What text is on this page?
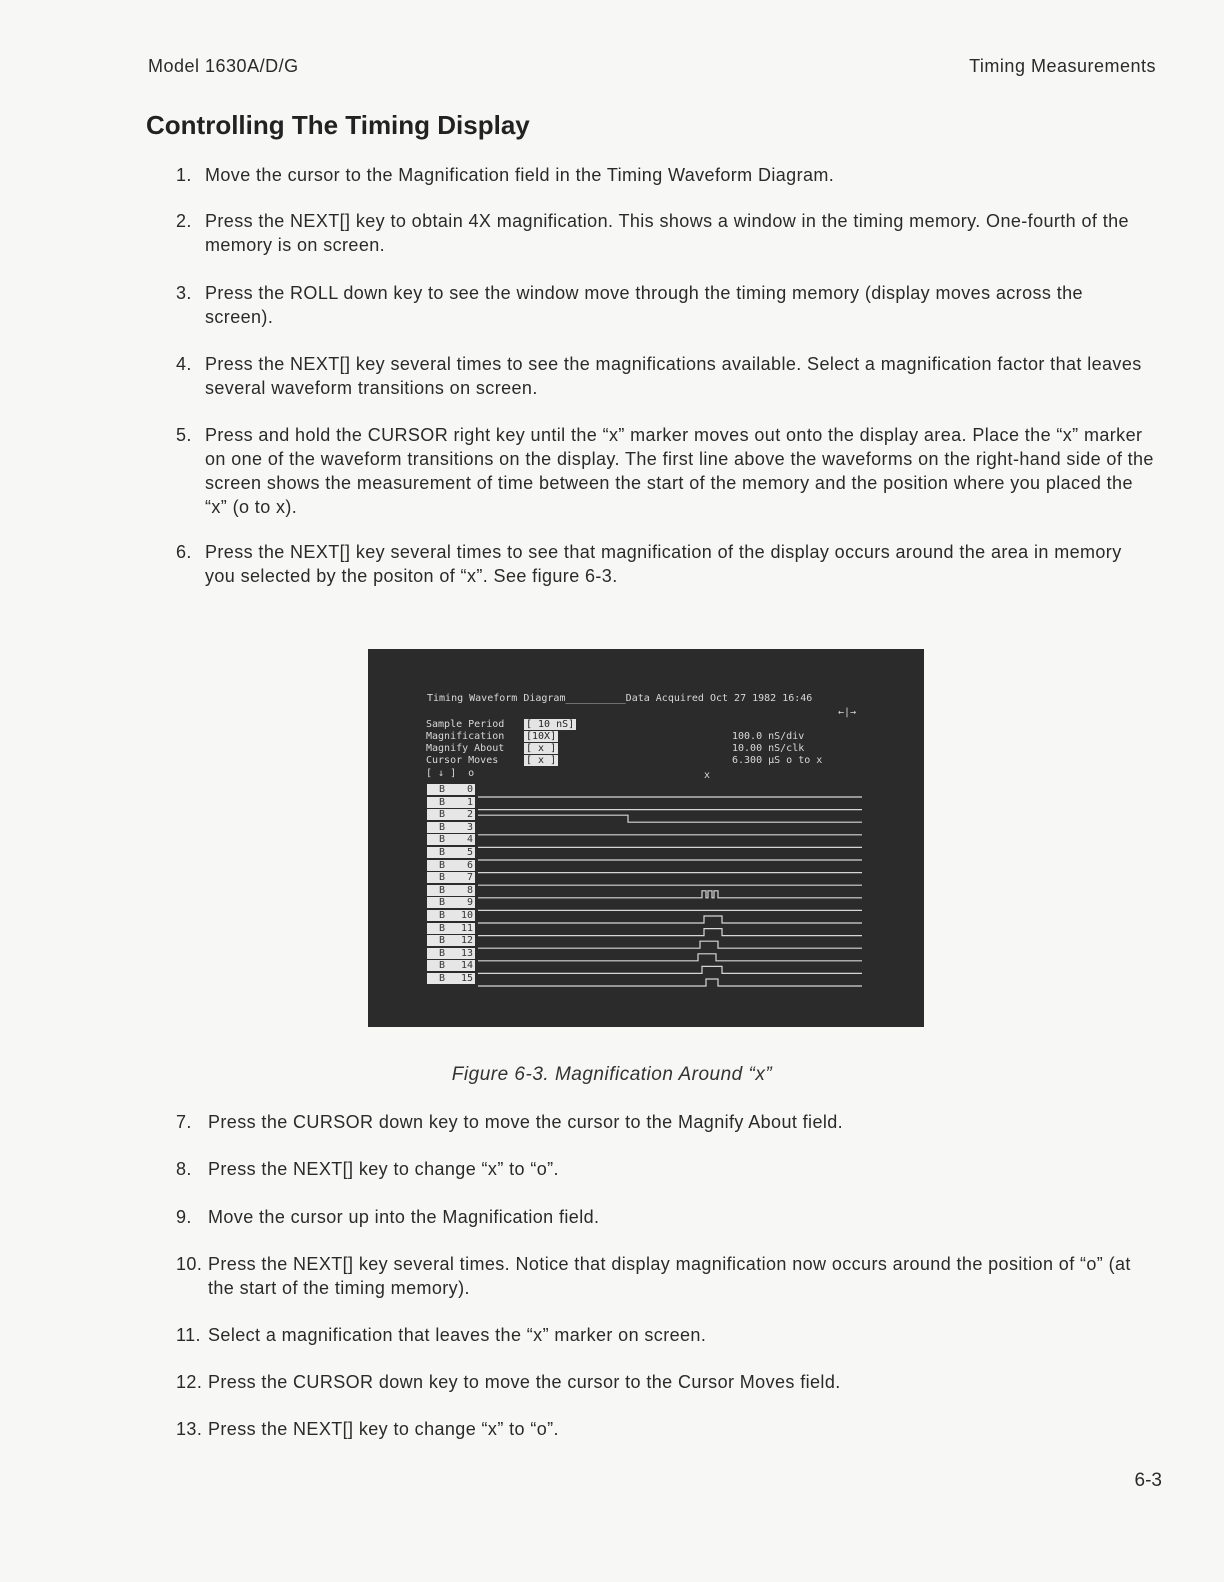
Model 1630A/D/G	Timing Measurements
Controlling The Timing Display
1. Move the cursor to the Magnification field in the Timing Waveform Diagram.
2. Press the NEXT[] key to obtain 4X magnification. This shows a window in the timing memory. One-fourth of the memory is on screen.
3. Press the ROLL down key to see the window move through the timing memory (display moves across the screen).
4. Press the NEXT[] key several times to see the magnifications available. Select a magnification factor that leaves several waveform transitions on screen.
5. Press and hold the CURSOR right key until the “x” marker moves out onto the display area. Place the “x” marker on one of the waveform transitions on the display. The first line above the waveforms on the right-hand side of the screen shows the measurement of time between the start of the memory and the position where you placed the “x” (o to x).
6. Press the NEXT[] key several times to see that magnification of the display occurs around the area in memory you selected by the positon of “x”. See figure 6-3.
Timing Waveform Diagram__________Data Acquired Oct 27 1982 16:46
←|→
Sample Period
Magnification
Magnify About
Cursor Moves
[ 10 nS]
[10X]
[ x ]
[ x ]
100.0 nS/div
10.00 nS/clk
6.300 µS o to x
[ ↓ ]  o	x
B 0
B 1
B 2
B 3
B 4
B 5
B 6
B 7
B 8
B 9
B 10
B 11
B 12
B 13
B 14
B 15
Figure 6-3. Magnification Around “x”
7. Press the CURSOR down key to move the cursor to the Magnify About field.
8. Press the NEXT[] key to change “x” to “o”.
9. Move the cursor up into the Magnification field.
10. Press the NEXT[] key several times. Notice that display magnification now occurs around the position of “o” (at the start of the timing memory).
11. Select a magnification that leaves the “x” marker on screen.
12. Press the CURSOR down key to move the cursor to the Cursor Moves field.
13. Press the NEXT[] key to change “x” to “o”.
6-3
